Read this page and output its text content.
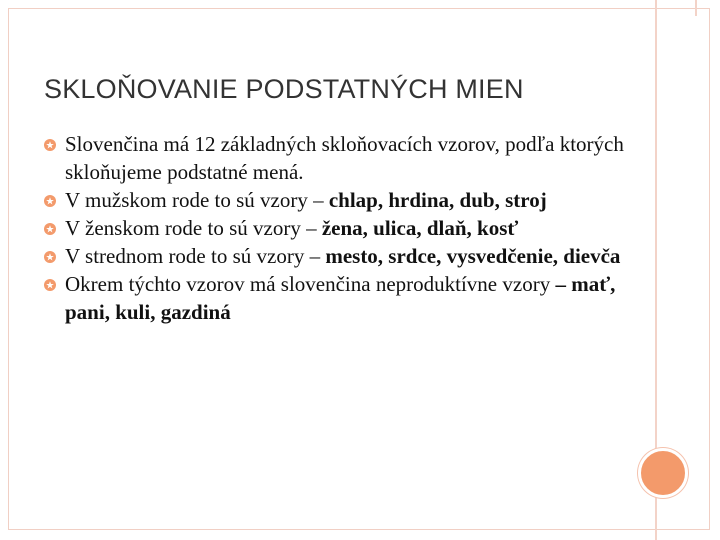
SKLOŇOVANIE PODSTATNÝCH MIEN

Slovenčina má 12 základných skloňovacích vzorov, podľa ktorých skloňujeme podstatné mená.

V mužskom rode to sú vzory – chlap, hrdina, dub, stroj

V ženskom rode to sú vzory – žena, ulica, dlaň, kosť

V strednom rode to sú vzory – mesto, srdce, vysvedčenie, dievča

Okrem týchto vzorov má slovenčina neproduktívne vzory – mať, pani, kuli, gazdiná
